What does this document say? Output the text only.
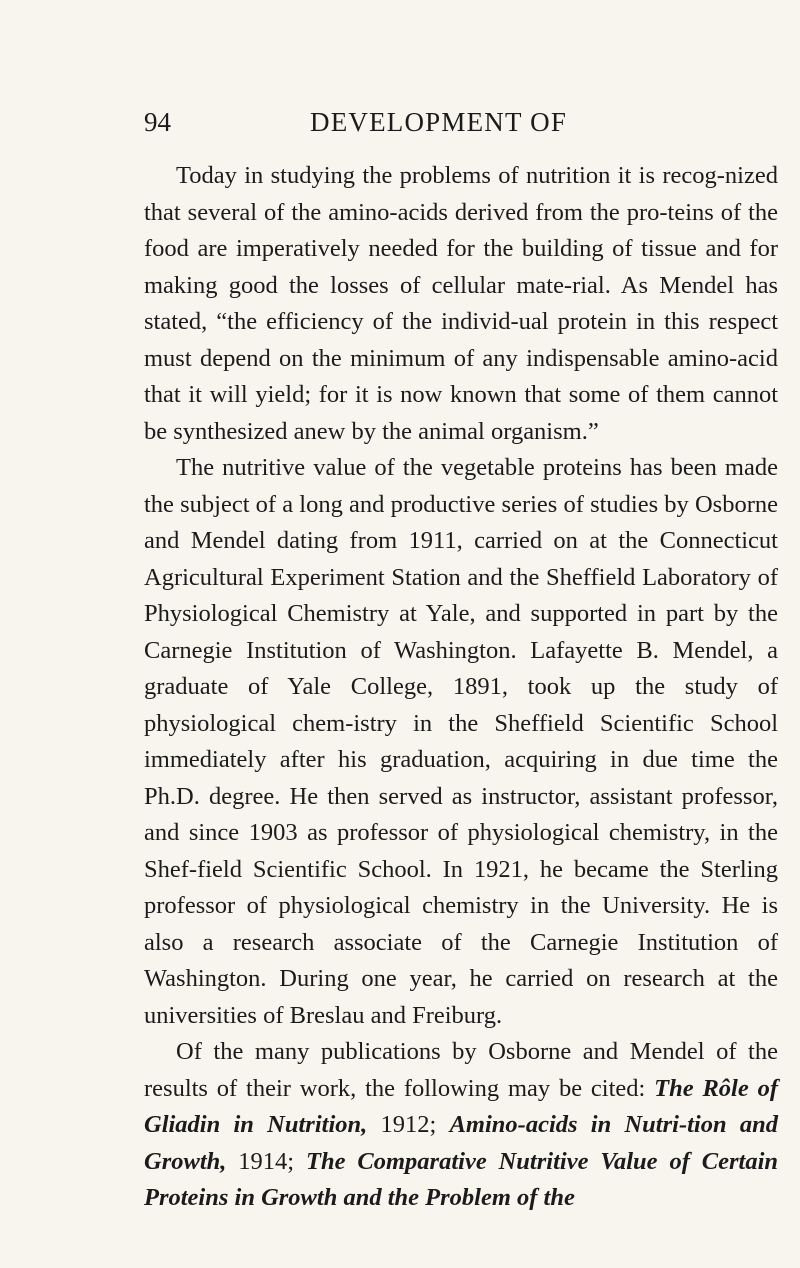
94	DEVELOPMENT OF

Today in studying the problems of nutrition it is recog-nized that several of the amino-acids derived from the pro-teins of the food are imperatively needed for the building of tissue and for making good the losses of cellular mate-rial. As Mendel has stated, “the efficiency of the individ-ual protein in this respect must depend on the minimum of any indispensable amino-acid that it will yield; for it is now known that some of them cannot be synthesized anew by the animal organism.”

The nutritive value of the vegetable proteins has been made the subject of a long and productive series of studies by Osborne and Mendel dating from 1911, carried on at the Connecticut Agricultural Experiment Station and the Sheffield Laboratory of Physiological Chemistry at Yale, and supported in part by the Carnegie Institution of Washington. Lafayette B. Mendel, a graduate of Yale College, 1891, took up the study of physiological chem-istry in the Sheffield Scientific School immediately after his graduation, acquiring in due time the Ph.D. degree. He then served as instructor, assistant professor, and since 1903 as professor of physiological chemistry, in the Shef-field Scientific School. In 1921, he became the Sterling professor of physiological chemistry in the University. He is also a research associate of the Carnegie Institution of Washington. During one year, he carried on research at the universities of Breslau and Freiburg.

Of the many publications by Osborne and Mendel of the results of their work, the following may be cited: The Rôle of Gliadin in Nutrition, 1912; Amino-acids in Nutri-tion and Growth, 1914; The Comparative Nutritive Value of Certain Proteins in Growth and the Problem of the
